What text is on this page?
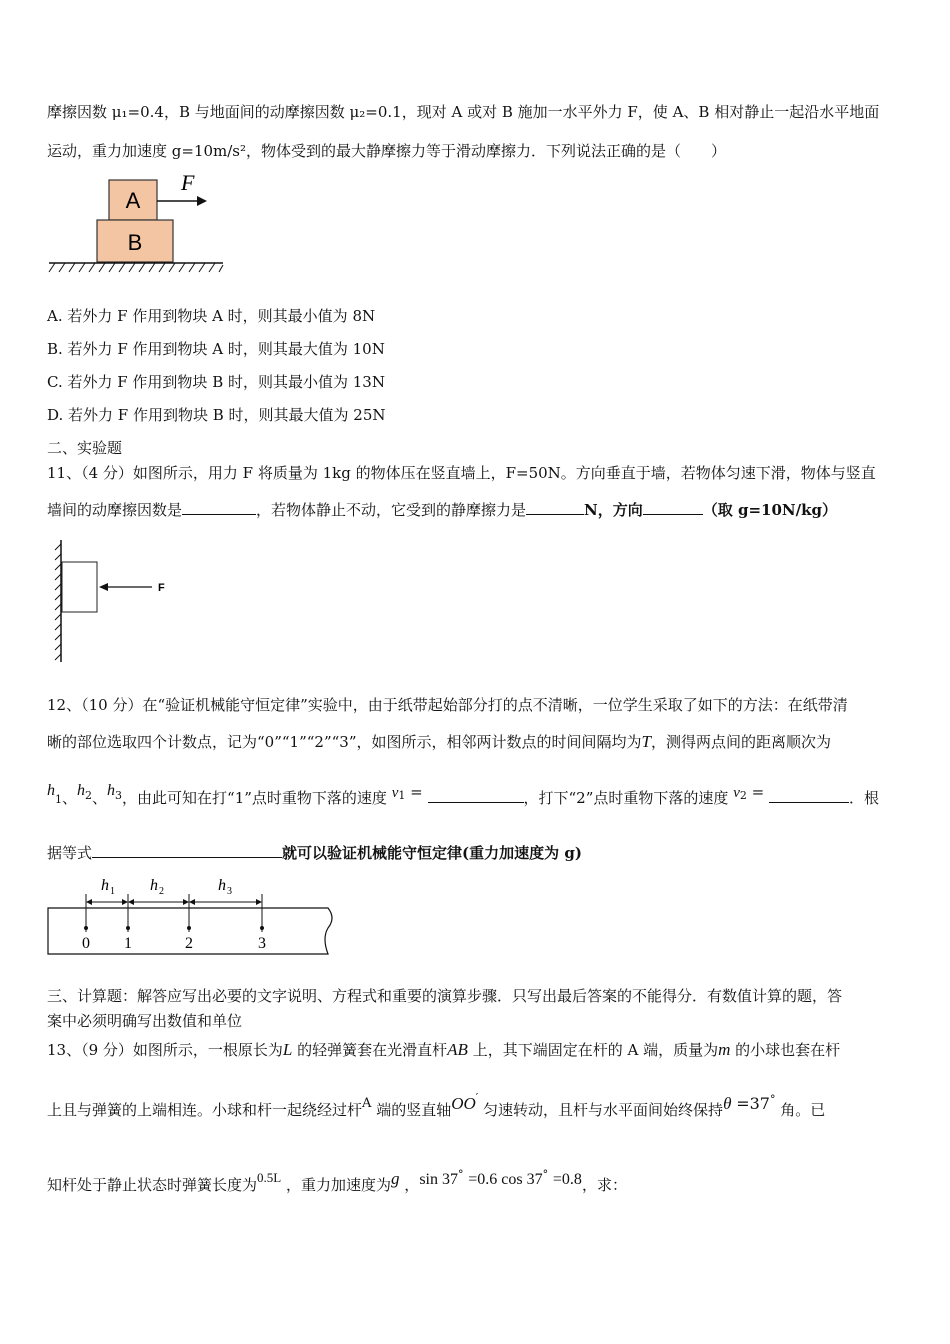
摩擦因数 μ₁=0.4，B 与地面间的动摩擦因数 μ₂=0.1，现对 A 或对 B 施加一水平外力 F，使 A、B 相对静止一起沿水平地面
运动，重力加速度 g=10m/s²，物体受到的最大静摩擦力等于滑动摩擦力．下列说法正确的是（　　）
A
B
F
A. 若外力 F 作用到物块 A 时，则其最小值为 8N
B. 若外力 F 作用到物块 A 时，则其最大值为 10N
C. 若外力 F 作用到物块 B 时，则其最小值为 13N
D. 若外力 F 作用到物块 B 时，则其最大值为 25N
二、实验题
11、（4 分）如图所示，用力 F 将质量为 1kg 的物体压在竖直墙上，F=50N。方向垂直于墙，若物体匀速下滑，物体与竖直
墙间的动摩擦因数是	，若物体静止不动，它受到的静摩擦力是	N，方向	（取 g=10N/kg）
F
12、（10 分）在“验证机械能守恒定律”实验中，由于纸带起始部分打的点不清晰，一位学生采取了如下的方法：在纸带清
晰的部位选取四个计数点，记为“0”“1”“2”“3”，如图所示，相邻两计数点的时间间隔均为T，测得两点间的距离顺次为
h1、$h^2$、$h^3$，由此可知在打“1”点时重物下落的速度 $v^1$ =	，打下“2”点时重物下落的速度 $v^2$ =	．根
据等式	就可以验证机械能守恒定律(重力加速度为 g)
h 1 h 2	h 3
0 1	2	3
三、计算题：解答应写出必要的文字说明、方程式和重要的演算步骤．只写出最后答案的不能得分．有数值计算的题，答
案中必须明确写出数值和单位
13、（9 分）如图所示，一根原长为L 的轻弹簧套在光滑直杆AB 上，其下端固定在杆的 A 端，质量为m 的小球也套在杆
上且与弹簧的上端相连。小球和杆一起绕经过杆A 端的竖直轴OO′ 匀速转动，且杆与水平面间始终保持θ =37° 角。已
知杆处于静止状态时弹簧长度为0.5L ，重力加速度为g ，sin 37° =0.6 cos 37° =0.8，求：
